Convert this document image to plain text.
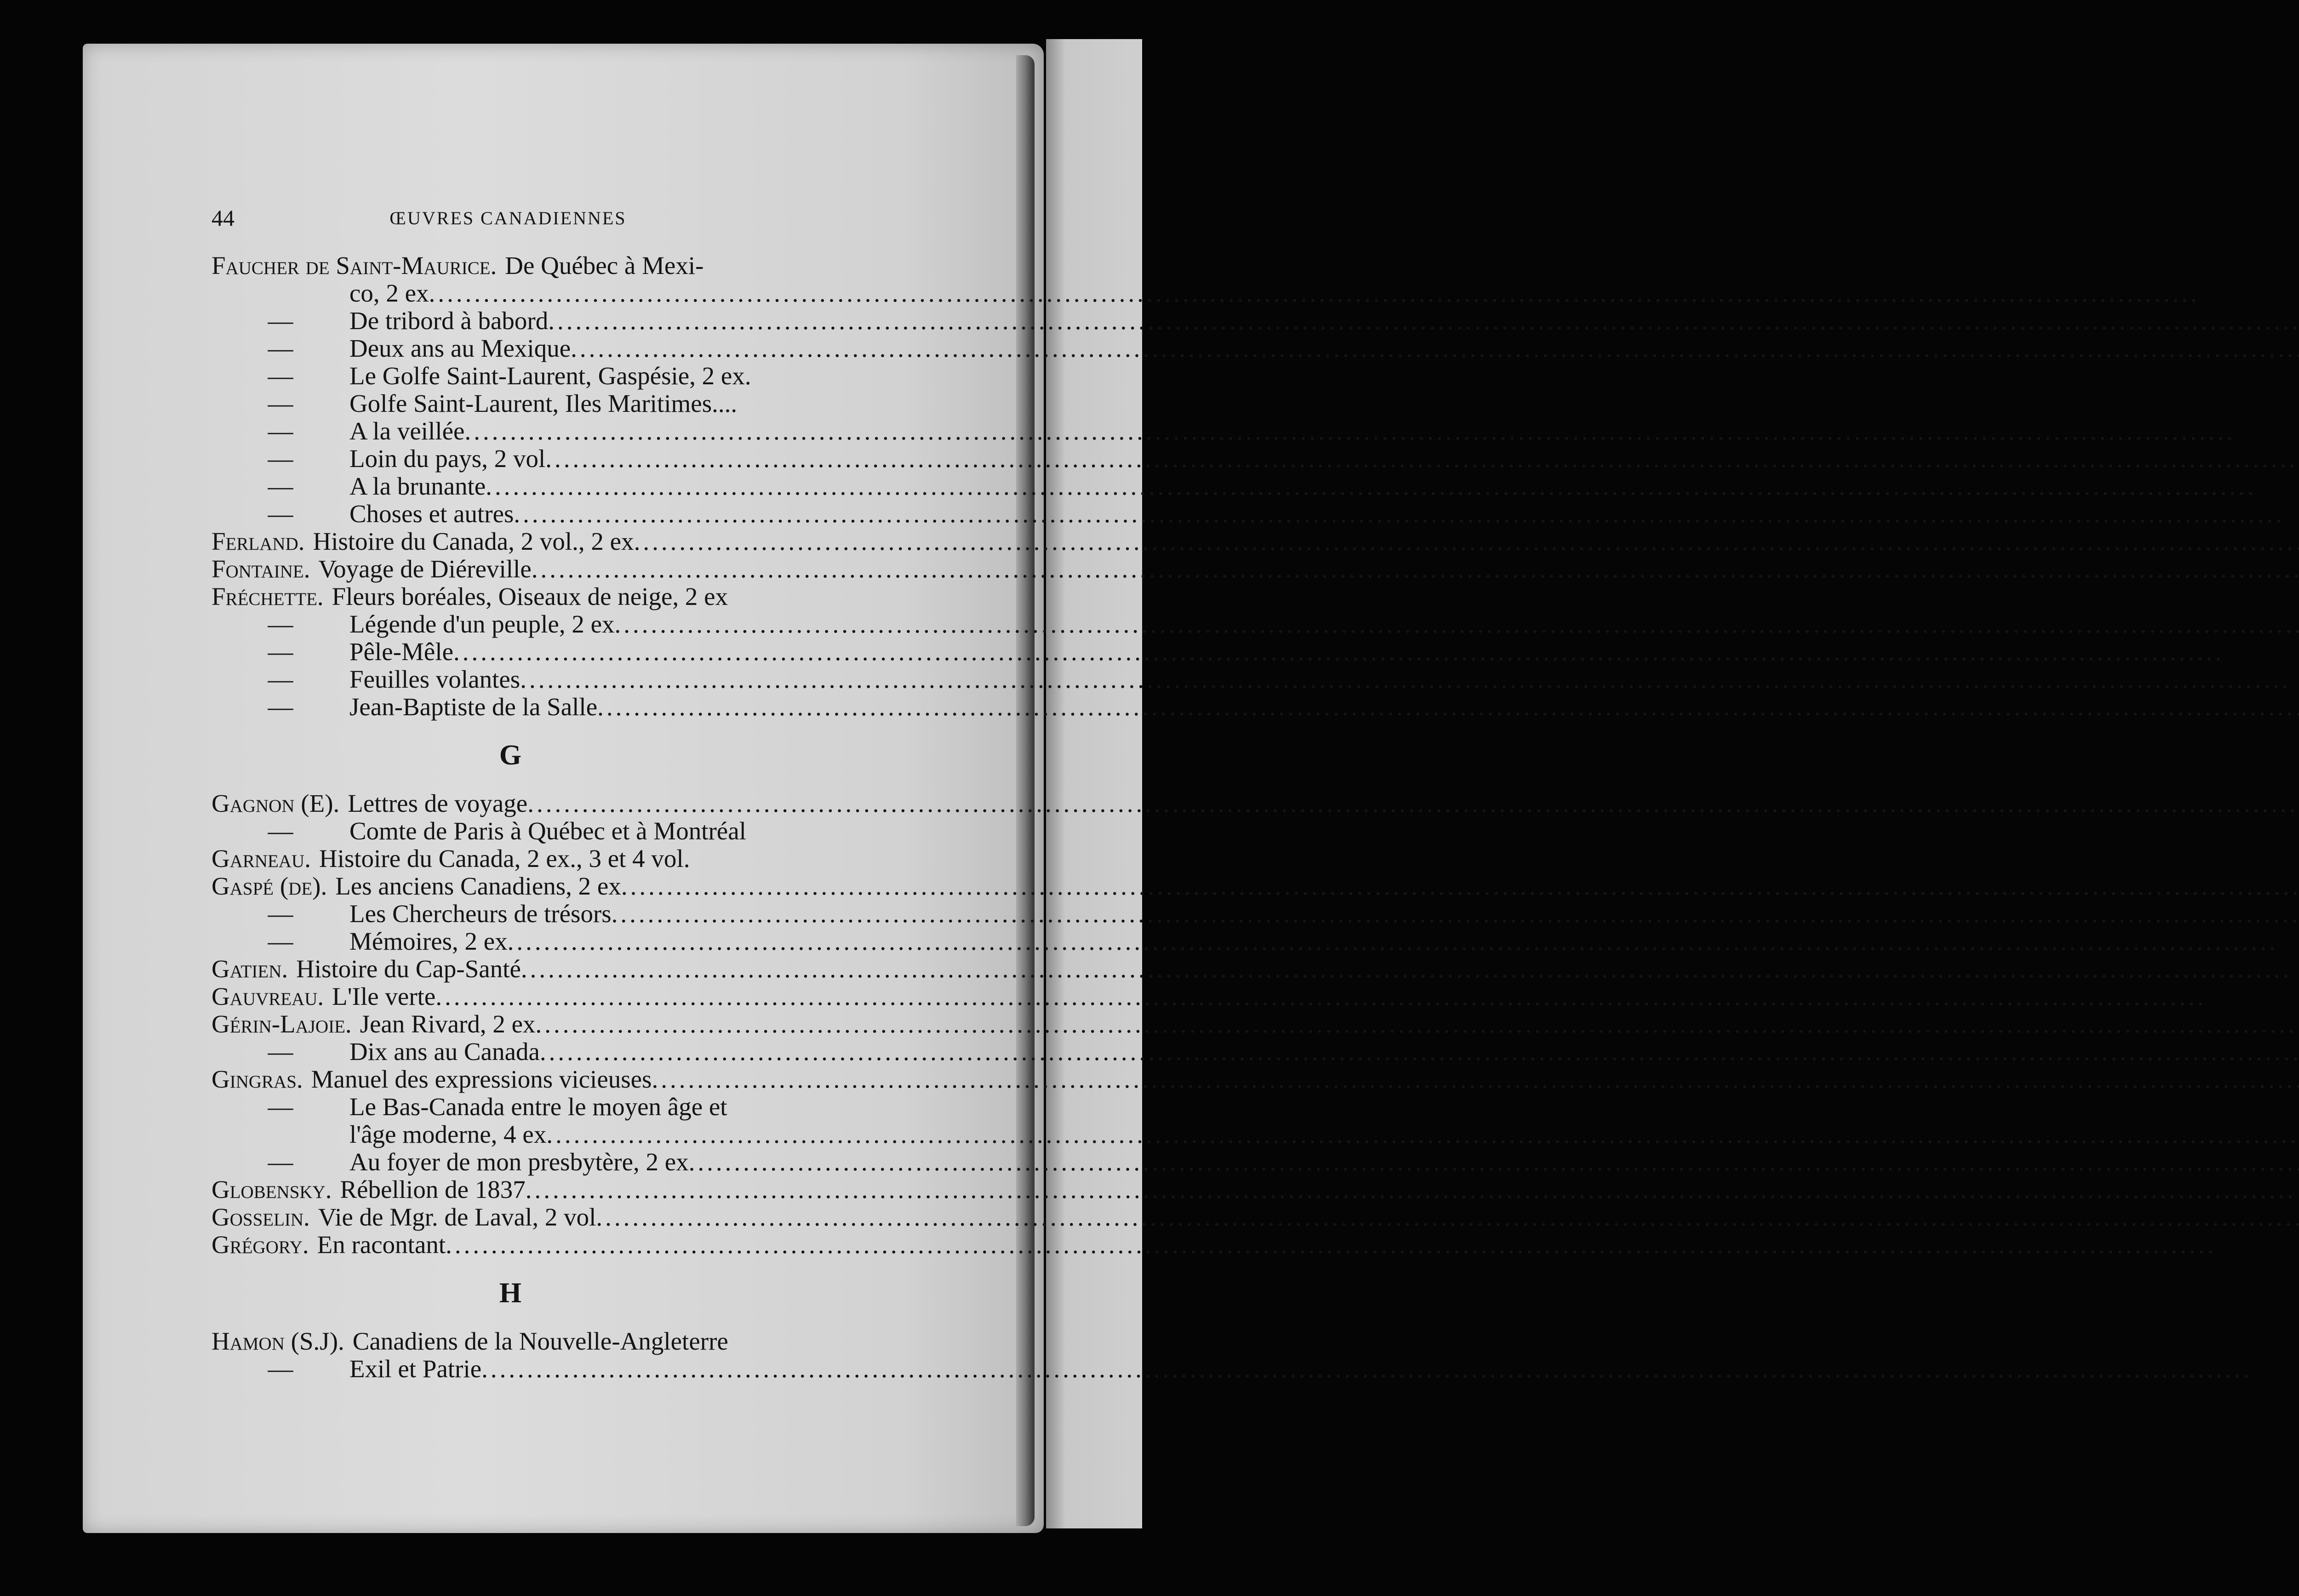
44	ŒUVRES CANADIENNES
Faucher de Saint-Maurice. De Québec à Mexi-
co, 2 ex
.....
—	De tribord à babord
.....
—	Deux ans au Mexique
.....
—	Le Golfe Saint-Laurent, Gaspésie, 2 ex.
—	Golfe Saint-Laurent, Iles Maritimes....
—	A la veillée
.....
—	Loin du pays, 2 vol
.....
—	A la brunante
.....
—	Choses et autres
.....
Ferland. Histoire du Canada, 2 vol., 2 ex
.....
Fontaine. Voyage de Diéreville
.....
Fréchette. Fleurs boréales, Oiseaux de neige, 2 ex
—	Légende d'un peuple, 2 ex
.....
—	Pêle-Mêle
.....
—	Feuilles volantes
.....
—	Jean-Baptiste de la Salle
.....
G
Gagnon (E). Lettres de voyage
.....
—	Comte de Paris à Québec et à Montréal
Garneau. Histoire du Canada, 2 ex., 3 et 4 vol.
Gaspé (de). Les anciens Canadiens, 2 ex
.....
—	Les Chercheurs de trésors
.....
—	Mémoires, 2 ex
.....
Gatien. Histoire du Cap-Santé
.....
Gauvreau. L'Ile verte
.....
Gérin-Lajoie. Jean Rivard, 2 ex
.....
—	Dix ans au Canada
.....
Gingras. Manuel des expressions vicieuses
.....
—	Le Bas-Canada entre le moyen âge et
l'âge moderne, 4 ex
.....
—	Au foyer de mon presbytère, 2 ex
.....
Globensky. Rébellion de 1837
.....
Gosselin. Vie de Mgr. de Laval, 2 vol
.....
Grégory. En racontant
.....
H
Hamon (S.J). Canadiens de la Nouvelle-Angleterre
—	Exil et Patrie
.....
